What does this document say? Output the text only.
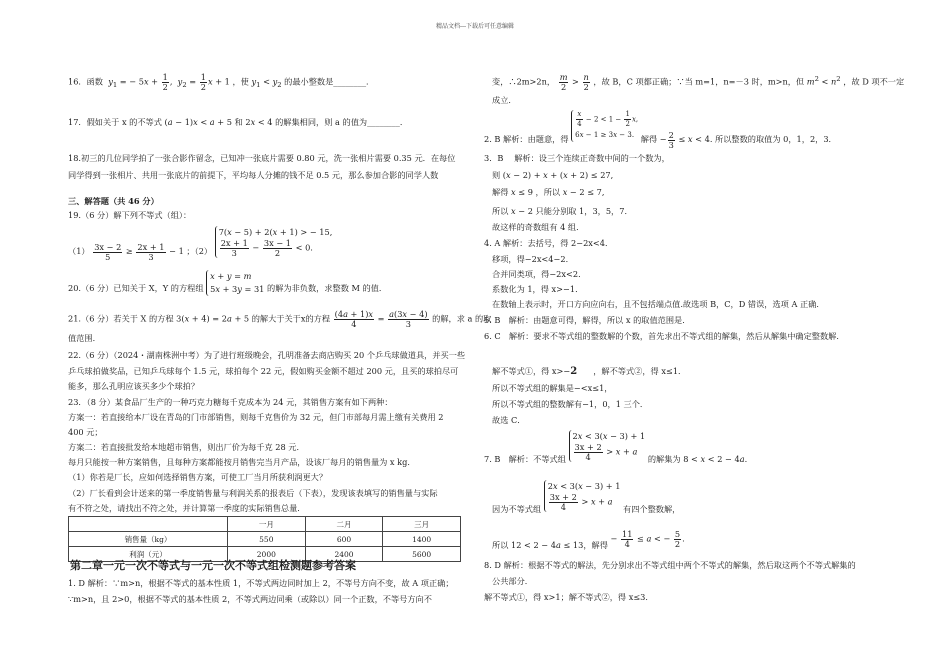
精品文档---下载后可任意编辑
16．函数  $y_1$ = − $5x + \frac{1}{2}$ ,  $y_2 = \frac{1}{2}$ x + 1 ，使 $y_1 < y_2$ 的最小整数是________．
17．假如关于 x 的不等式 (a − 1)x < a + 5 和 2x < 4 的解集相同，则 a 的值为________．
18.初三的几位同学拍了一张合影作留念，已知冲一张底片需要 0.80 元，洗一张相片需要 0.35 元．在每位
同学得到一张相片、共用一张底片的前提下，平均每人分摊的钱不足 0.5 元，那么参加合影的同学人数
三、解答题（共 46 分）
19.（6 分）解下列不等式（组）：
$(1) \frac{3x - 2}{5} \ge \frac{2x + 1}{3} - 1$ ；（2）
7(x − 5) + 2(x + 1) > − 15,
$\frac{2x + 1}{3} - \frac{3x - 1}{2} < 0$.
20.（6 分）已知关于 X，Y 的方程组
x + y = m
5x + 3y = 31 的解为非负数，求整数 M 的值．
21.（6 分）若关于 X 的方程 3(x + 4) = 2a + 5 的解大于关于x的方程 $\frac{(4a + 1)x}{4} = \frac{a(3x - 4)}{3}$ 的解，求 a 的取
值范围．
22.（6 分）（2024・湖南株洲中考）为了进行班级晚会，孔明准备去商店购买 20 个乒乓球做道具，并买一些
乒乓球拍做奖品，已知乒乓球每个 1.5 元，球拍每个 22 元，假如购买金额不超过 200 元，且买的球拍尽可
能多，那么孔明应该买多少个球拍？
23．（8 分）某食品厂生产的一种巧克力糖每千克成本为 24 元，其销售方案有如下两种：
方案一：若直接给本厂设在青岛的门市部销售，则每千克售价为 32 元，但门市部每月需上缴有关费用 2
400 元；
方案二：若直接批发给本地超市销售，则出厂价为每千克 28 元．
每月只能按一种方案销售，且每种方案都能按月销售完当月产品，设该厂每月的销售量为 x kg．
（1）你若是厂长，应如何选择销售方案，可使工厂当月所获利润更大？
（2）厂长看到会计送来的第一季度销售量与利润关系的报表后（下表），发现该表填写的销售量与实际
有不符之处，请找出不符之处，并计算第一季度的实际销售总量．
	一月	二月	三月
销售量（kg）	550	600	1400
利润（元）	2000	2400	5600
第二章一元一次不等式与一元一次不等式组检测题参考答案
1. D 解析：∵m>n，根据不等式的基本性质 1，不等式两边同时加上 2，不等号方向不变，故 A 项正确；
∵m>n，且 2>0，根据不等式的基本性质 2，不等式两边同乘（或除以）同一个正数，不等号方向不
变，∴2m>2n， $\frac{m}{2} > \frac{n}{2}$ ，故 B，C 项都正确；∵当 m=1，n=－3 时，m>n，但 $m^2 < n^2$ ，故 D 项不一定
成立．
2. B 解析：由题意，得
$\frac{x}{4} - 2 < 1 - \frac{1}{2} x$,
6x − 1 ≥ 3x − 3. 解得 − $\frac{2}{3} \le x < 4$. 所以整数的取值为 0，1，2，3．
3．B　 解析：设三个连续正奇数中间的一个数为，
则 (x − 2) + x + (x + 2) ≤ 27,
解得 x ≤ 9 ，所以 x − 2 ≤ 7,
所以 x − 2 只能分别取 1，3，5，7．
故这样的奇数组有 4 组．
4. A 解析：去括号，得 2−2x<4．
移项，得−2x<4−2．
合并同类项，得−2x<2．
系数化为 1，得 x>−1．
在数轴上表示时，开口方向应向右，且不包括端点值.故选项 B，C，D 错误，选项 A 正确．
5. B　解析：由题意可得，解得，所以 x 的取值范围是．
6. C　解析：要求不等式组的整数解的个数，首先求出不等式组的解集，然后从解集中确定整数解．
解不等式①，得 x>−2 ，解不等式②，得 x≤1．
所以不等式组的解集是−<x≤1，
所以不等式组的整数解有−1，0，1 三个．
故选 C．
7. B　解析：不等式组
2x < 3(x − 3) + 1
$\frac{3x + 2}{4} > x + a$
的解集为 8 < x < 2 − 4a.
因为不等式组
2x < 3(x − 3) + 1
$\frac{3x + 2}{4} > x + a$
有四个整数解，
所以 12 < 2 − 4a ≤ 13，解得 − $\frac{11}{4} \le a$ < − $\frac{5}{2}$ .
8. D 解析：根据不等式的解法，先分别求出不等式组中两个不等式的解集，然后取这两个不等式解集的
公共部分．
解不等式①，得 x>1；解不等式②，得 x≤3．
